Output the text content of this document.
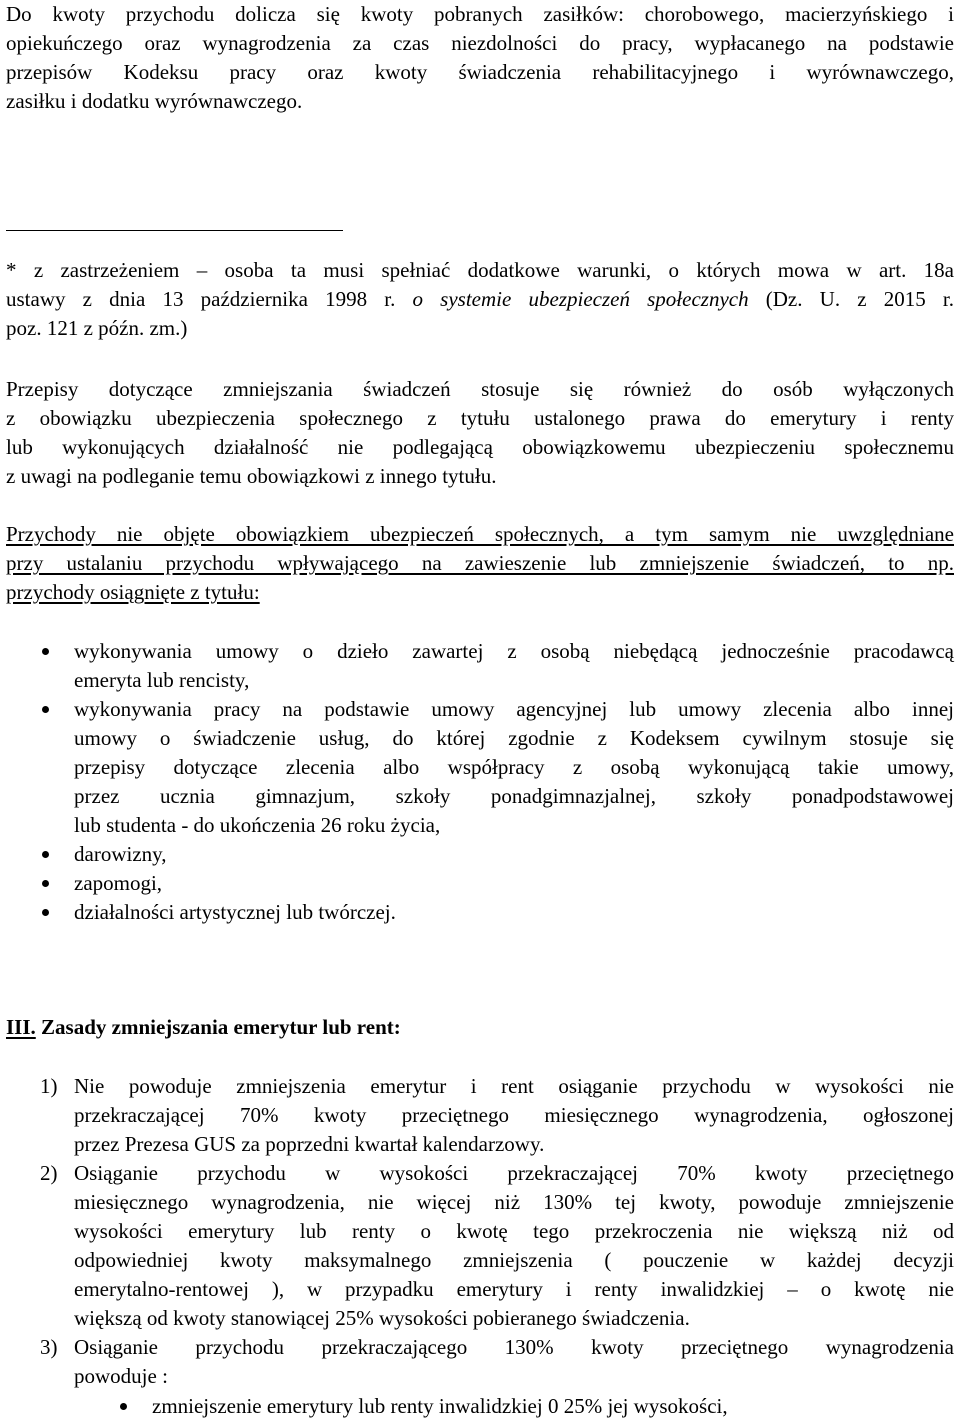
Do kwoty przychodu dolicza się kwoty pobranych zasiłków: chorobowego, macierzyńskiego i

opiekuńczego oraz wynagrodzenia za czas niezdolności do pracy, wypłacanego na podstawie

przepisów Kodeksu pracy oraz kwoty świadczenia rehabilitacyjnego i wyrównawczego,

zasiłku i dodatku wyrównawczego.

* z zastrzeżeniem – osoba ta musi spełniać dodatkowe warunki, o których mowa w art. 18a

ustawy z dnia 13 października 1998 r. o systemie ubezpieczeń społecznych (Dz. U. z 2015 r.

poz. 121 z późn. zm.)

Przepisy dotyczące zmniejszania świadczeń stosuje się również do osób wyłączonych

z obowiązku ubezpieczenia społecznego z tytułu ustalonego prawa do emerytury i renty

lub wykonujących działalność nie podlegającą obowiązkowemu ubezpieczeniu społecznemu

z uwagi na podleganie temu obowiązkowi z innego tytułu.

Przychody nie objęte obowiązkiem ubezpieczeń społecznych, a tym samym nie uwzględniane

przy ustalaniu przychodu wpływającego na zawieszenie lub zmniejszenie świadczeń, to np.

przychody osiągnięte z tytułu:

wykonywania umowy o dzieło zawartej z osobą niebędącą jednocześnie pracodawcą

emeryta lub rencisty,

wykonywania pracy na podstawie umowy agencyjnej lub umowy zlecenia albo innej

umowy o świadczenie usług, do której zgodnie z Kodeksem cywilnym stosuje się

przepisy dotyczące zlecenia albo współpracy z osobą wykonującą takie umowy,

przez uczniа gimnazjum, szkoły ponadgimnazjalnej, szkoły ponadpodstawowej

lub studenta - do ukończenia 26 roku życia,

darowizny,

zapomogi,

działalności artystycznej lub twórczej.

III. Zasady zmniejszania emerytur lub rent:

1) Nie powoduje zmniejszenia emerytur i rent osiąganie przychodu w wysokości nie

przekraczającej 70% kwoty przeciętnego miesięcznego wynagrodzenia, ogłoszonej

przez Prezesa GUS za poprzedni kwartał kalendarzowy.

2) Osiąganie przychodu w wysokości przekraczającej 70% kwoty przeciętnego

miesięcznego wynagrodzenia, nie więcej niż 130% tej kwoty, powoduje zmniejszenie

wysokości emerytury lub renty o kwotę tego przekroczenia nie większą niż od

odpowiedniej kwoty maksymalnego zmniejszenia ( pouczenie w każdej decyzji

emerytalno-rentowej ), w przypadku emerytury i renty inwalidzkiej – o kwotę nie

większą od kwoty stanowiącej 25% wysokości pobieranego świadczenia.

3) Osiąganie przychodu przekraczającego 130% kwoty przeciętnego wynagrodzenia

powoduje :

zmniejszenie emerytury lub renty inwalidzkiej 0 25% jej wysokości,
